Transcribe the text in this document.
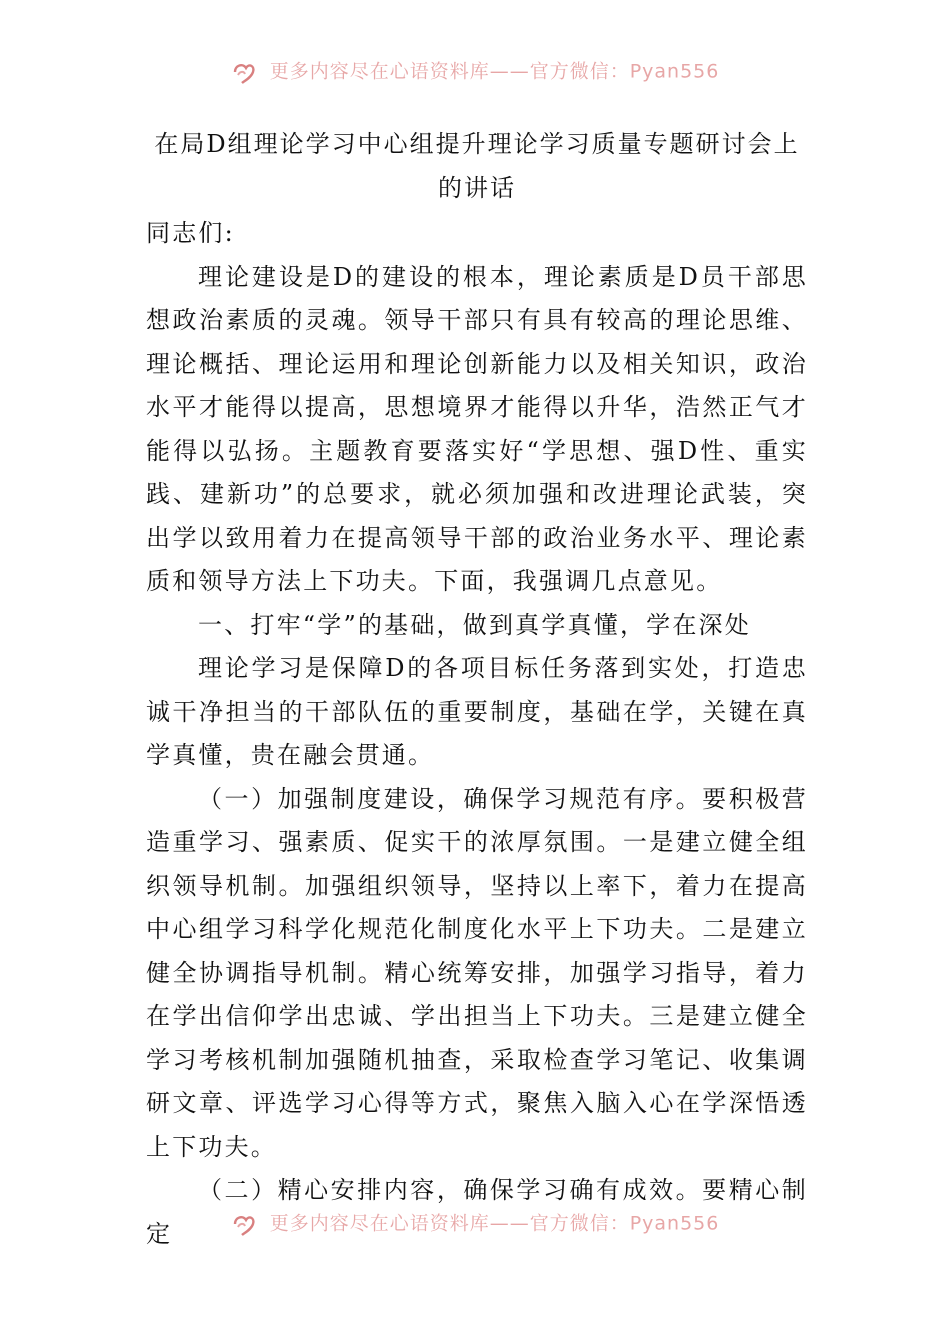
更多内容尽在心语资料库——官方微信：Pyan556
在局D组理论学习中心组提升理论学习质量专题研讨会上的讲话

同志们:

理论建设是D的建设的根本，理论素质是D员干部思想政治素质的灵魂。领导干部只有具有较高的理论思维、理论概括、理论运用和理论创新能力以及相关知识，政治水平才能得以提高，思想境界才能得以升华，浩然正气才能得以弘扬。主题教育要落实好“学思想、强D性、重实践、建新功”的总要求，就必须加强和改进理论武装，突出学以致用着力在提高领导干部的政治业务水平、理论素质和领导方法上下功夫。下面，我强调几点意见。

一、打牢“学”的基础，做到真学真懂，学在深处

理论学习是保障D的各项目标任务落到实处，打造忠诚干净担当的干部队伍的重要制度，基础在学，关键在真学真懂，贵在融会贯通。

（一）加强制度建设，确保学习规范有序。要积极营造重学习、强素质、促实干的浓厚氛围。一是建立健全组织领导机制。加强组织领导，坚持以上率下，着力在提高中心组学习科学化规范化制度化水平上下功夫。二是建立健全协调指导机制。精心统筹安排，加强学习指导，着力在学出信仰学出忠诚、学出担当上下功夫。三是建立健全学习考核机制加强随机抽查，采取检查学习笔记、收集调研文章、评选学习心得等方式，聚焦入脑入心在学深悟透上下功夫。

（二）精心安排内容，确保学习确有成效。要精心制定	更多内容尽在心语资料库——官方微信：Pyan556
